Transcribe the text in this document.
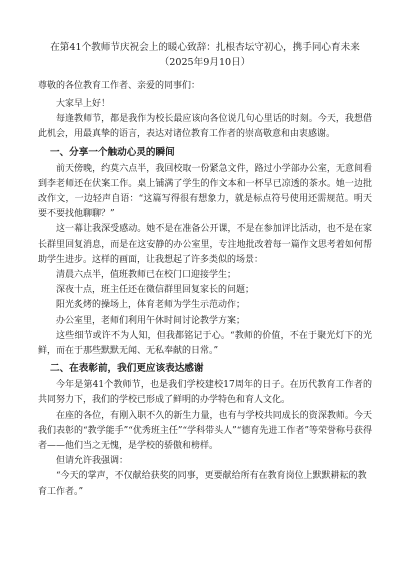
在第41个教师节庆祝会上的暖心致辞：扎根杏坛守初心，携手同心育未来

（2025年9月10日）

尊敬的各位教育工作者、亲爱的同事们：

大家早上好！

每逢教师节，都是我作为校长最应该向各位说几句心里话的时刻。今天，我想借此机会，用最真挚的语言，表达对诸位教育工作者的崇高敬意和由衷感谢。

一、分享一个触动心灵的瞬间

前天傍晚，约莫六点半，我回校取一份紧急文件，路过小学部办公室，无意间看到李老师还在伏案工作。桌上铺满了学生的作文本和一杯早已凉透的茶水。她一边批改作文，一边轻声自语：“这篇写得很有想象力，就是标点符号使用还需规范。明天要不要找他聊聊？”

这一幕让我深受感动。她不是在准备公开课，不是在参加评比活动，也不是在家长群里回复消息，而是在这安静的办公室里，专注地批改着每一篇作文思考着如何帮助学生进步。这样的画面，让我想起了许多类似的场景：

清晨六点半，值班教师已在校门口迎接学生；

深夜十点，班主任还在微信群里回复家长的问题；

阳光炙烤的操场上，体育老师为学生示范动作；

办公室里，老师们利用午休时间讨论教学方案；

这些细节或许不为人知，但我都铭记于心。“教师的价值，不在于聚光灯下的光鲜，而在于那些默默无闻、无私奉献的日常。”

二、在表彰前，我们更应该表达感谢

今年是第41个教师节，也是我们学校建校17周年的日子。在历代教育工作者的共同努力下，我们的学校已形成了鲜明的办学特色和育人文化。

在座的各位，有刚入职不久的新生力量，也有与学校共同成长的资深教师。今天我们表彰的“教学能手”“优秀班主任”“学科带头人”“德育先进工作者”等荣誉称号获得者——他们当之无愧，是学校的骄傲和榜样。

但请允许我强调：

“今天的掌声，不仅献给获奖的同事，更要献给所有在教育岗位上默默耕耘的教育工作者。”
